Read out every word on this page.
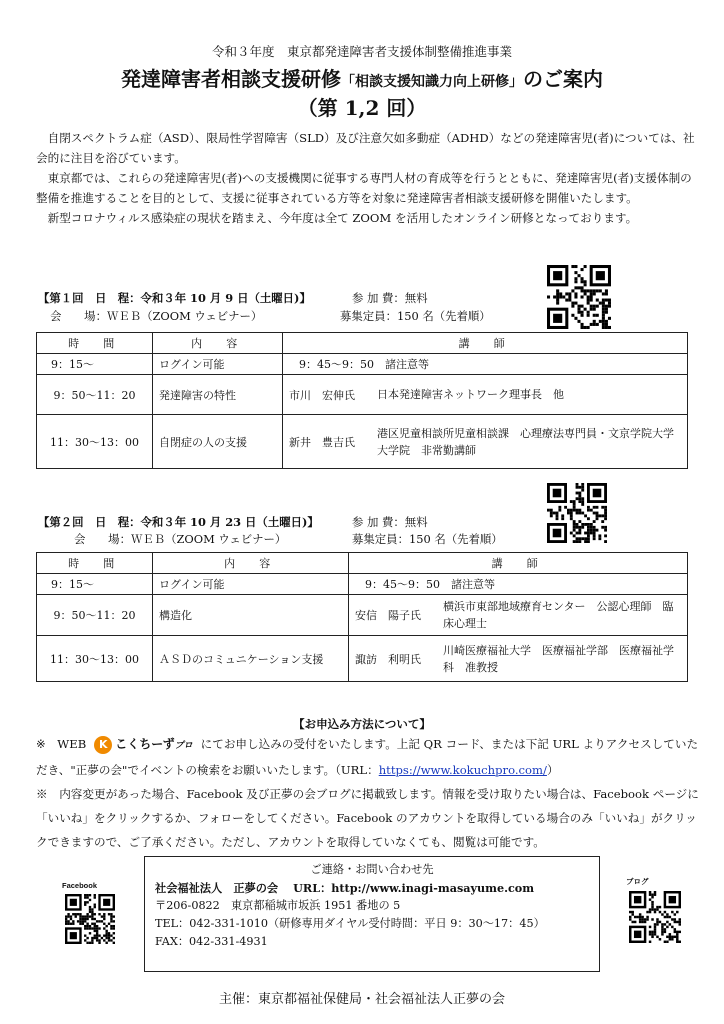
令和３年度　東京都発達障害者支援体制整備推進事業
発達障害者相談支援研修「相談支援知識力向上研修」のご案内
（第 1,2 回）

自閉スペクトラム症（ASD）、限局性学習障害（SLD）及び注意欠如多動症（ADHD）などの発達障害児(者)については、社会的に注目を浴びています。

東京都では、これらの発達障害児(者)への支援機関に従事する専門人材の育成等を行うとともに、発達障害児(者)支援体制の整備を推進することを目的として、支援に従事されている方等を対象に発達障害者相談支援研修を開催いたします。

新型コロナウィルス感染症の現状を踏まえ、今年度は全て ZOOM を活用したオンライン研修となっております。

【第１回　日　程：令和３年 10 月 9 日（土曜日)】	参 加 費：無料
会　　場：ＷＥＢ（ZOOM ウェビナー）	募集定員：150 名（先着順）
時　間	内　容	講　師
9：15～	ログイン可能	9：45～9：50　諸注意等
9：50～11：20	発達障害の特性	市川　宏伸氏 日本発達障害ネットワーク理事長　他

11：30～13：00	自閉症の人の支援	新井　豊吉氏
港区児童相談所児童相談課　心理療法専門員・文京学院大学大学院　非常勤講師
【第２回　日　程：令和３年 10 月 23 日（土曜日)】	参 加 費：無料
会　　場：ＷＥＢ（ZOOM ウェビナー）	募集定員：150 名（先着順）
時　間	内　容	講　師
9：15～	ログイン可能	9：45～9：50　諸注意等
9：50～11：20	構造化	安信　陽子氏
横浜市東部地域療育センター　公認心理師　臨床心理士

11：30～13：00	ＡＳＤのコミュニケーション支援	諏訪　利明氏
川崎医療福祉大学　医療福祉学部　医療福祉学科　准教授
【お申込み方法について】
※　WEB	K こくちーずプロ にてお申し込みの受付をいたします。上記 QR コード、または下記 URL よりアクセスしていただき、"正夢の会"でイベントの検索をお願いいたします。（URL：https://www.kokuchpro.com/）
※　内容変更があった場合、Facebook 及び正夢の会ブログに掲載致します。情報を受け取りたい場合は、Facebook ページに「いいね」をクリックするか、フォローをしてください。Facebook のアカウントを取得している場合のみ「いいね」がクリックできますので、ご了承ください。ただし、アカウントを取得していなくても、閲覧は可能です。
Facebook
ご連絡・お問い合わせ先
社会福祉法人　正夢の会　 URL：http://www.inagi-masayume.com
〒206-0822　東京都稲城市坂浜 1951 番地の 5
TEL：042-331-1010（研修専用ダイヤル受付時間：平日 9：30～17：45）
FAX：042-331-4931
ブログ
主催：東京都福祉保健局・社会福祉法人正夢の会
